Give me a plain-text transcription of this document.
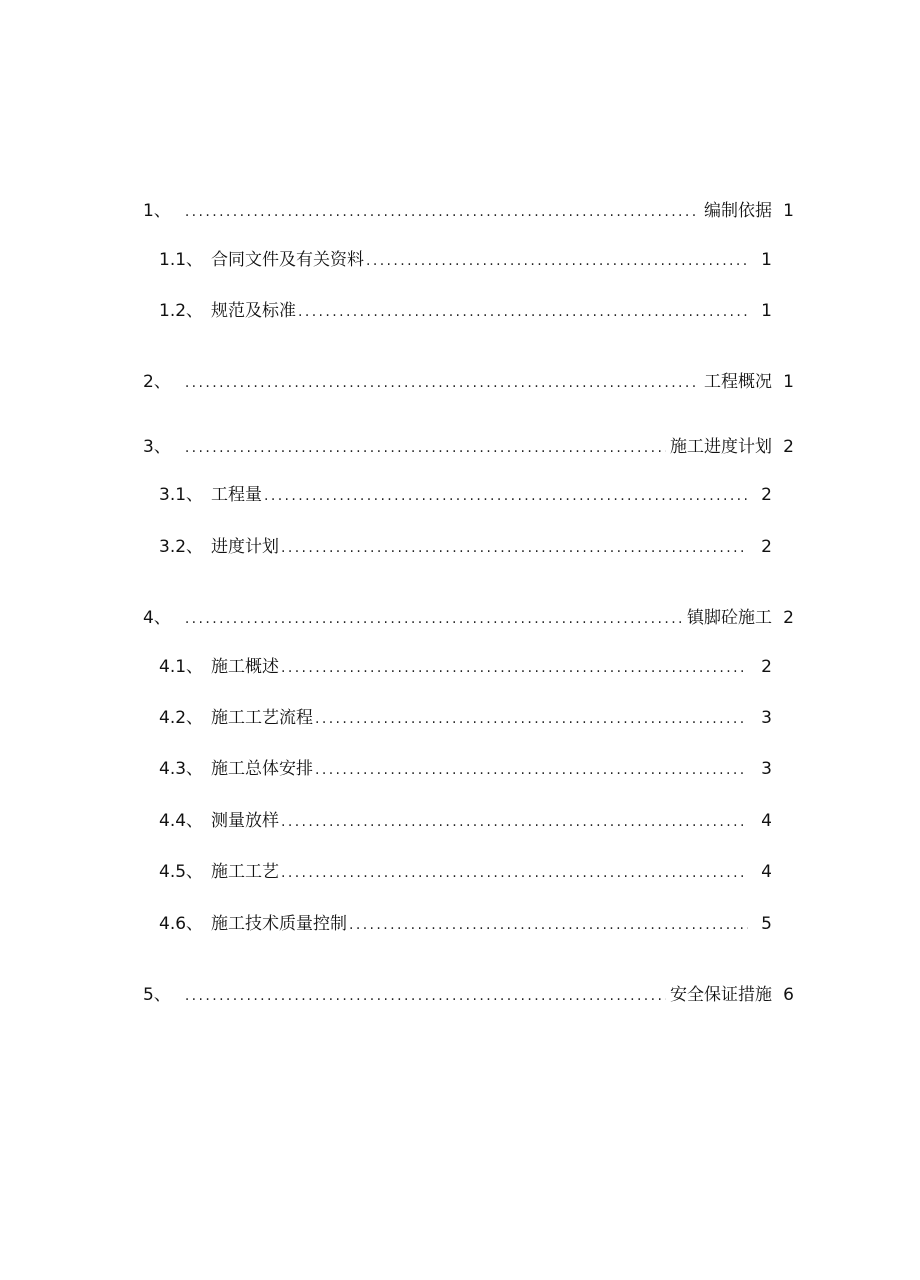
1、 .....	编制依据 1
1.1、 合同文件及有关资料 .....	1
1.2、 规范及标准 .....	1
2、 .....	工程概况 1
3、 .....	施工进度计划 2
3.1、 工程量 .....	2
3.2、 进度计划 .....	2
4、 .....	镇脚砼施工 2
4.1、 施工概述 .....	2
4.2、 施工工艺流程 .....	3
4.3、 施工总体安排 .....	3
4.4、 测量放样 .....	4
4.5、 施工工艺 .....	4
4.6、 施工技术质量控制 .....	5
5、 .....	安全保证措施 6
